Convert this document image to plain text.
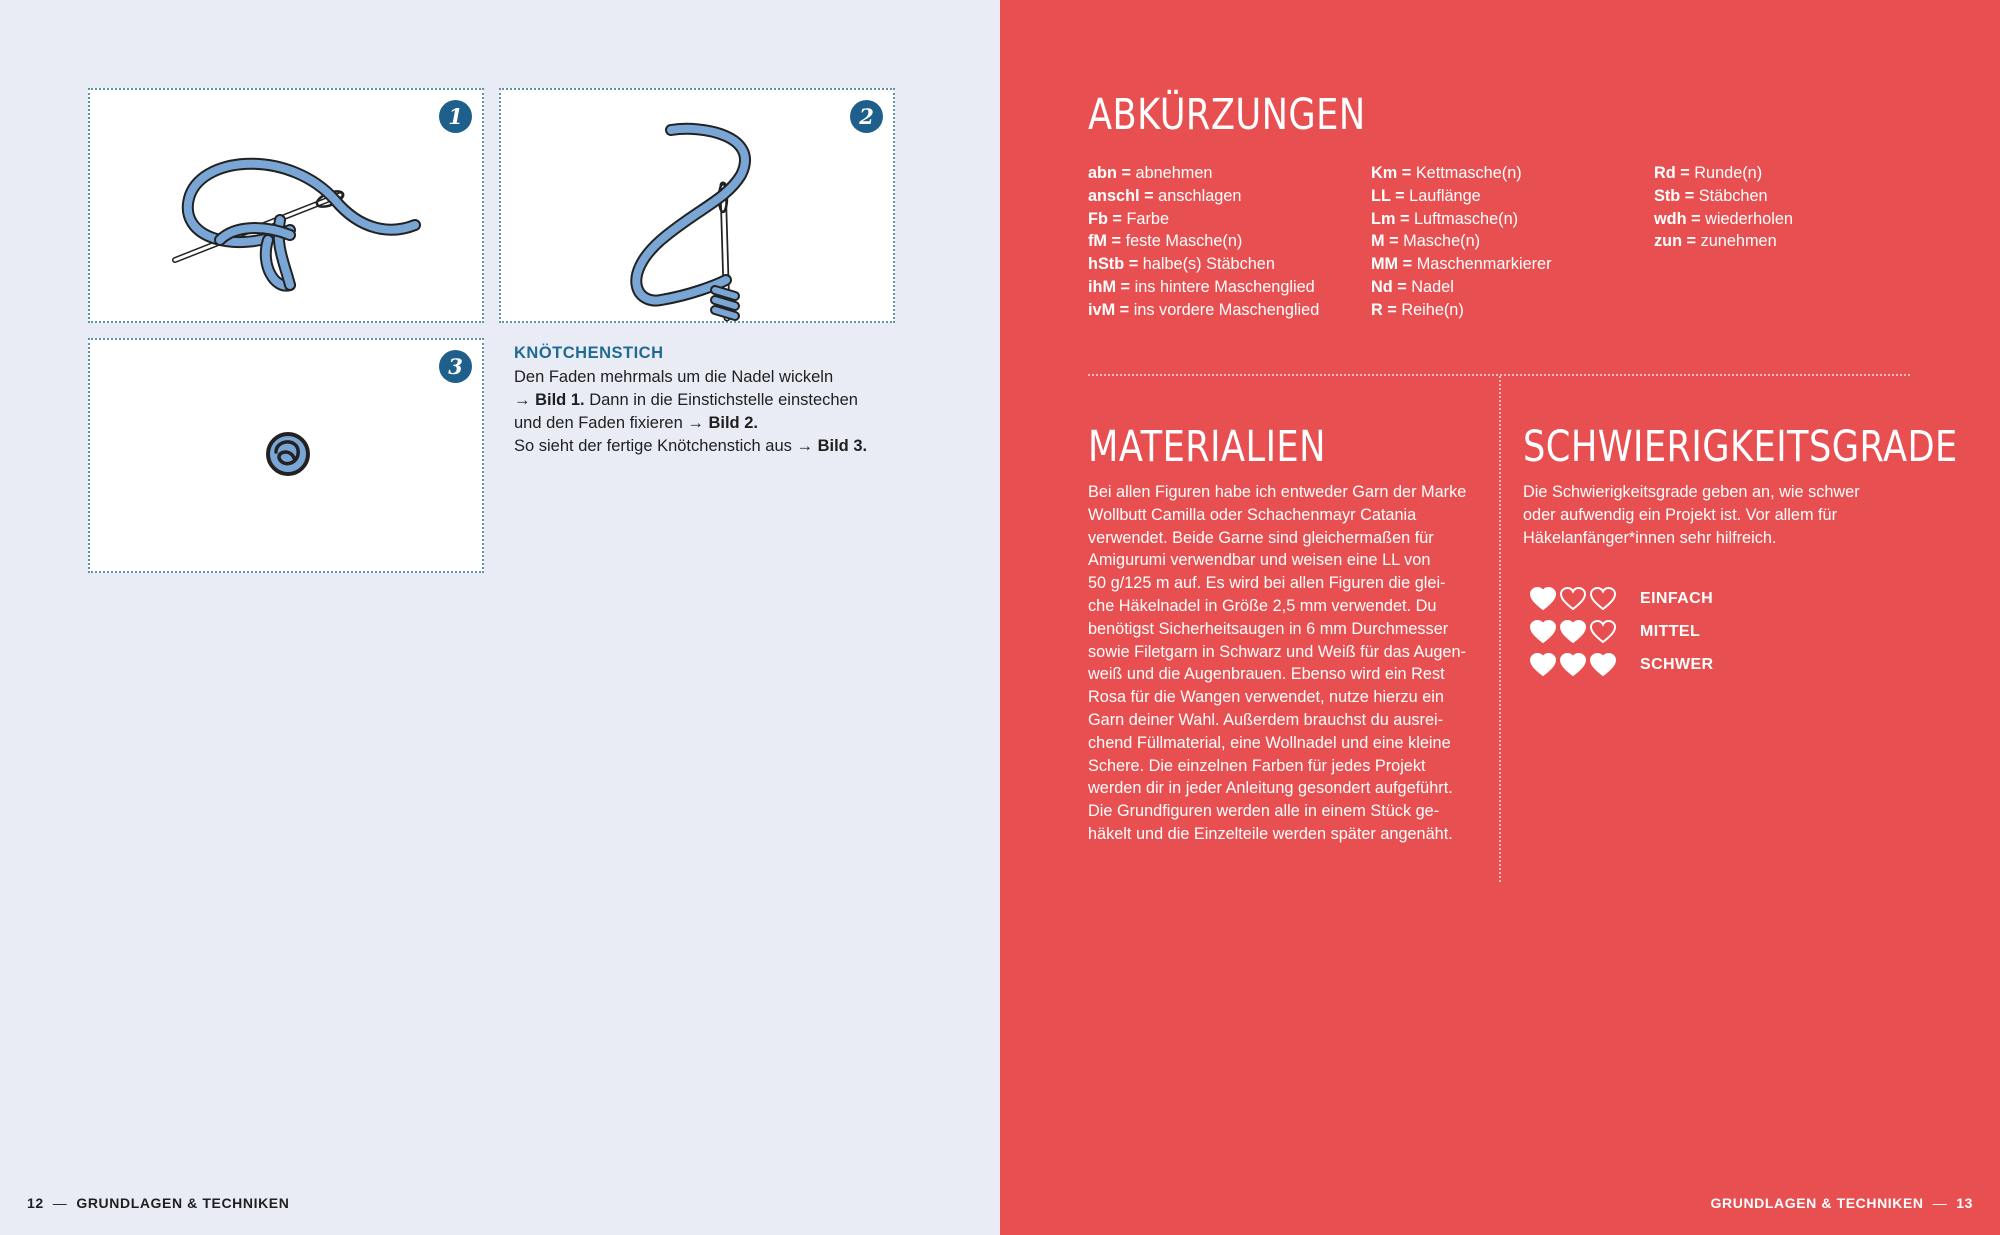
1	2
3
KNÖTCHENSTICH
Den Faden mehrmals um die Nadel wickeln
→ Bild 1. Dann in die Einstichstelle einstechen
und den Faden fixieren → Bild 2.
So sieht der fertige Knötchenstich aus → Bild 3.
12 — GRUNDLAGEN & TECHNIKEN
ABKÜRZUNGEN
abn = abnehmen
anschl = anschlagen
Fb = Farbe
fM = feste Masche(n)
hStb = halbe(s) Stäbchen
ihM = ins hintere Maschenglied
ivM = ins vordere Maschenglied
Km = Kettmasche(n)
LL = Lauflänge
Lm = Luftmasche(n)
M = Masche(n)
MM = Maschenmarkierer
Nd = Nadel
R = Reihe(n)
Rd = Runde(n)
Stb = Stäbchen
wdh = wiederholen
zun = zunehmen
MATERIALIEN
Bei allen Figuren habe ich entweder Garn der Marke
Wollbutt Camilla oder Schachenmayr Catania
verwendet. Beide Garne sind gleichermaßen für
Amigurumi verwendbar und weisen eine LL von
50 g/125 m auf. Es wird bei allen Figuren die glei-
che Häkelnadel in Größe 2,5 mm verwendet. Du
benötigst Sicherheitsaugen in 6 mm Durchmesser
sowie Filetgarn in Schwarz und Weiß für das Augen-
weiß und die Augenbrauen. Ebenso wird ein Rest
Rosa für die Wangen verwendet, nutze hierzu ein
Garn deiner Wahl. Außerdem brauchst du ausrei-
chend Füllmaterial, eine Wollnadel und eine kleine
Schere. Die einzelnen Farben für jedes Projekt
werden dir in jeder Anleitung gesondert aufgeführt.
Die Grundfiguren werden alle in einem Stück ge-
häkelt und die Einzelteile werden später angenäht.
SCHWIERIGKEITSGRADE
Die Schwierigkeitsgrade geben an, wie schwer
oder aufwendig ein Projekt ist. Vor allem für
Häkelanfänger*innen sehr hilfreich.
EINFACH
MITTEL
SCHWER
GRUNDLAGEN & TECHNIKEN — 13
